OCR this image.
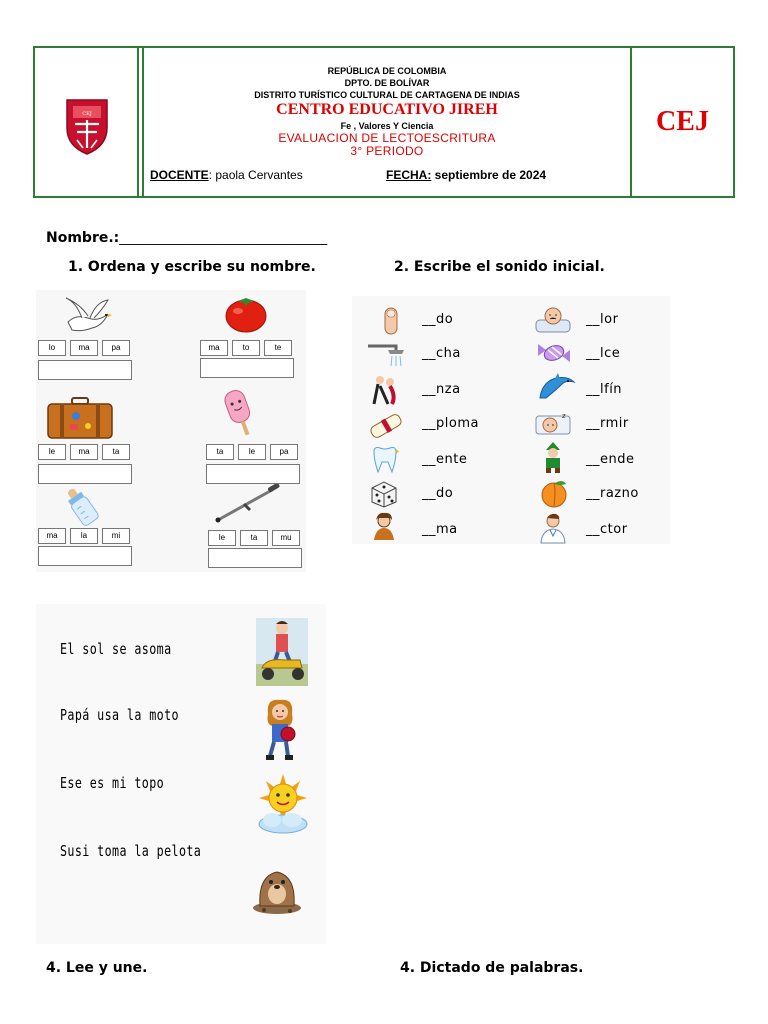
CEJ
REPÚBLICA DE COLOMBIA
DPTO. DE BOLÍVAR
DISTRITO TURÍSTICO CULTURAL DE CARTAGENA DE INDIAS
CENTRO EDUCATIVO JIREH
Fe , Valores Y Ciencia
EVALUACION DE LECTOESCRITURA
3° PERIODO
DOCENTE: paola Cervantes	FECHA: septiembre de 2024
CEJ
Nombre.:________________________________
1. Ordena y escribe su nombre.	2. Escribe el sonido inicial.
lo	ma	pa	ma	to	te
le	ma	ta	ta	le	pa
ma	la	mi	le	ta	mu
✦
__do
__cha
__nza
__ploma
__ente
__do
__ma
z
__lor
__lce
__lfín
__rmir
__ende
__razno
__ctor
El sol se asoma
Papá usa la moto
Ese es mi topo
Susi toma la pelota
4. Lee y une.	4. Dictado de palabras.
